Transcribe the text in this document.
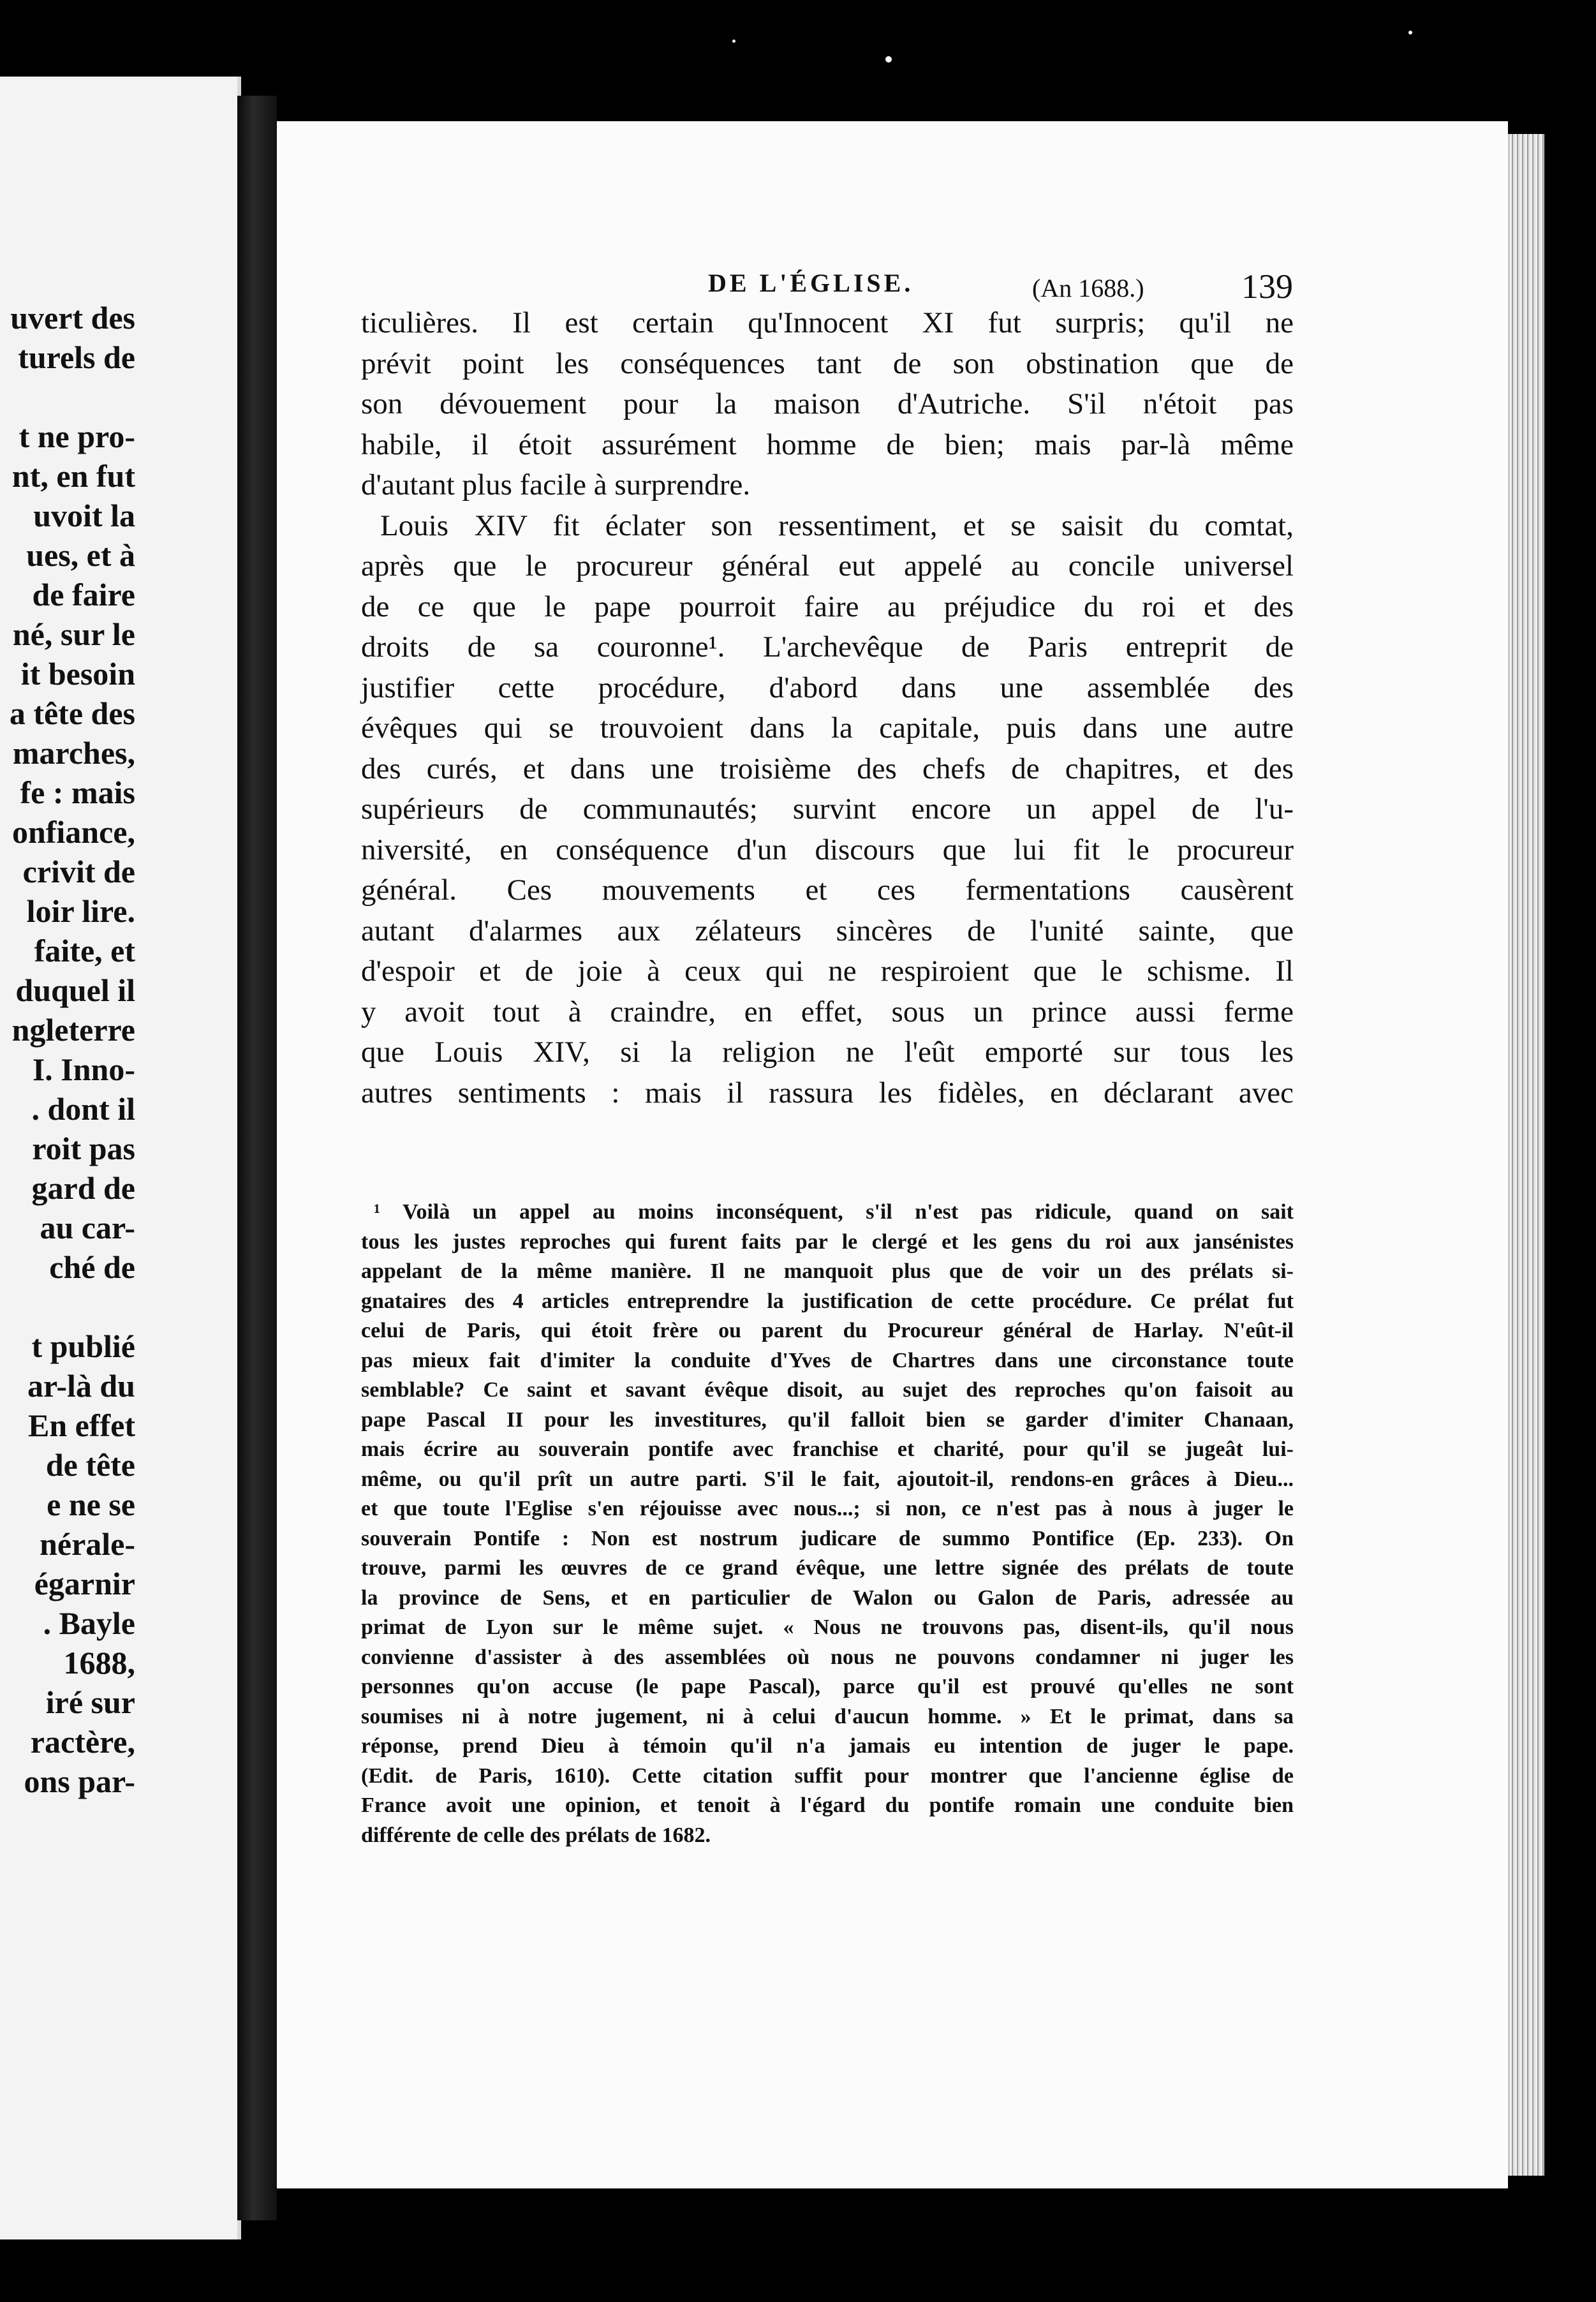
uvert des
turels de
t ne pro-
nt, en fut
uvoit la
ues, et à
de faire
né, sur le
it besoin
a tête des
marches,
fe : mais
onfiance,
crivit de
loir lire.
faite, et
duquel il
ngleterre
I. Inno-
. dont il
roit pas
gard de
au car-
ché de
t publié
ar-là du
En effet
de tête
e ne se
nérale-
égarnir
. Bayle
1688,
iré sur
ractère,
ons par-
DE L'ÉGLISE.	(An 1688.)	139
ticulières. Il est certain qu'Innocent XI fut surpris; qu'il ne
prévit point les conséquences tant de son obstination que de
son dévouement pour la maison d'Autriche. S'il n'étoit pas
habile, il étoit assurément homme de bien; mais par-là même
d'autant plus facile à surprendre.
Louis XIV fit éclater son ressentiment, et se saisit du comtat,
après que le procureur général eut appelé au concile universel
de ce que le pape pourroit faire au préjudice du roi et des
droits de sa couronne¹. L'archevêque de Paris entreprit de
justifier cette procédure, d'abord dans une assemblée des
évêques qui se trouvoient dans la capitale, puis dans une autre
des curés, et dans une troisième des chefs de chapitres, et des
supérieurs de communautés; survint encore un appel de l'u-
niversité, en conséquence d'un discours que lui fit le procureur
général. Ces mouvements et ces fermentations causèrent
autant d'alarmes aux zélateurs sincères de l'unité sainte, que
d'espoir et de joie à ceux qui ne respiroient que le schisme. Il
y avoit tout à craindre, en effet, sous un prince aussi ferme
que Louis XIV, si la religion ne l'eût emporté sur tous les
autres sentiments : mais il rassura les fidèles, en déclarant avec
¹ Voilà un appel au moins inconséquent, s'il n'est pas ridicule, quand on sait
tous les justes reproches qui furent faits par le clergé et les gens du roi aux jansénistes
appelant de la même manière. Il ne manquoit plus que de voir un des prélats si-
gnataires des 4 articles entreprendre la justification de cette procédure. Ce prélat fut
celui de Paris, qui étoit frère ou parent du Procureur général de Harlay. N'eût-il
pas mieux fait d'imiter la conduite d'Yves de Chartres dans une circonstance toute
semblable? Ce saint et savant évêque disoit, au sujet des reproches qu'on faisoit au
pape Pascal II pour les investitures, qu'il falloit bien se garder d'imiter Chanaan,
mais écrire au souverain pontife avec franchise et charité, pour qu'il se jugeât lui-
même, ou qu'il prît un autre parti. S'il le fait, ajoutoit-il, rendons-en grâces à Dieu...
et que toute l'Eglise s'en réjouisse avec nous...; si non, ce n'est pas à nous à juger le
souverain Pontife : Non est nostrum judicare de summo Pontifice (Ep. 233). On
trouve, parmi les œuvres de ce grand évêque, une lettre signée des prélats de toute
la province de Sens, et en particulier de Walon ou Galon de Paris, adressée au
primat de Lyon sur le même sujet. « Nous ne trouvons pas, disent-ils, qu'il nous
convienne d'assister à des assemblées où nous ne pouvons condamner ni juger les
personnes qu'on accuse (le pape Pascal), parce qu'il est prouvé qu'elles ne sont
soumises ni à notre jugement, ni à celui d'aucun homme. » Et le primat, dans sa
réponse, prend Dieu à témoin qu'il n'a jamais eu intention de juger le pape.
(Edit. de Paris, 1610). Cette citation suffit pour montrer que l'ancienne église de
France avoit une opinion, et tenoit à l'égard du pontife romain une conduite bien
différente de celle des prélats de 1682.
